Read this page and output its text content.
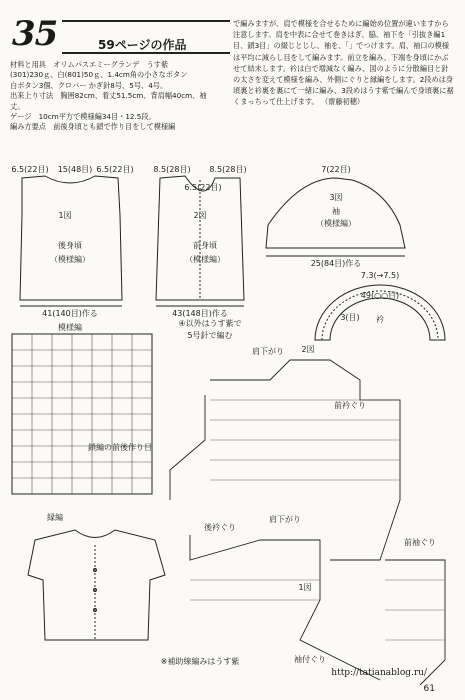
35	59ページの作品
材料と用具　オリムパスエミーグランデ　うす紫
(301)230ｇ、白(801)50ｇ、1.4cm角の小さなボタン
白ボタン3個、クロバー かぎ針8号、5号、4号。
出来上り寸法　胸囲82cm、着丈51.5cm、背肩幅40cm、袖
丈。
ゲージ　10cm平方で模様編34目・12.5段。
編み方要点　前後身頃とも鎖で作り目をして模様編
で編みますが、肩で模様を合せるために編始め位置が違いますから注意します。肩を中表に合せて巻きはぎ、脇、袖下を「引抜き編1目、鎖3目」の綴じとじし、袖を、「」でつけます。肩、袖口の模様は平均に減らし目をして編みます。前立を編み、下端を身頃にかぶせて結末します。衿は白で増減なく編み、図のように分散編目と針の太さを変えて模様を編み、外側にぐりと縁編をします。2段めは身頃裏と衿裏を裏にて一緒に編み、3段めはうす紫で編んで身頃裏に裾くまっちって仕上げます。 （齋藤初穂）
1図
後身頃
（模様編）
41(140目)作る
6.5(22目) 15(48目) 6.5(22目)
2図
前身頃
（模様編）
43(148目)作る
8.5(28目) 8.5(28目)
6.5(22目)
7(22目)
3図
袖
（模様編）
25(84目)作る
7.3(→7.5)
49(○○目)
衿
3(目)
模様編	④以外はうす紫で
5号針で編む
鎖編の前後作り目
肩下がり 2図
前衿ぐり
後衿ぐり
肩下がり
1図
袖付ぐり
前袖ぐり
縁編
※補助線編みはうす紫
http://tatianablog.ru/
61
